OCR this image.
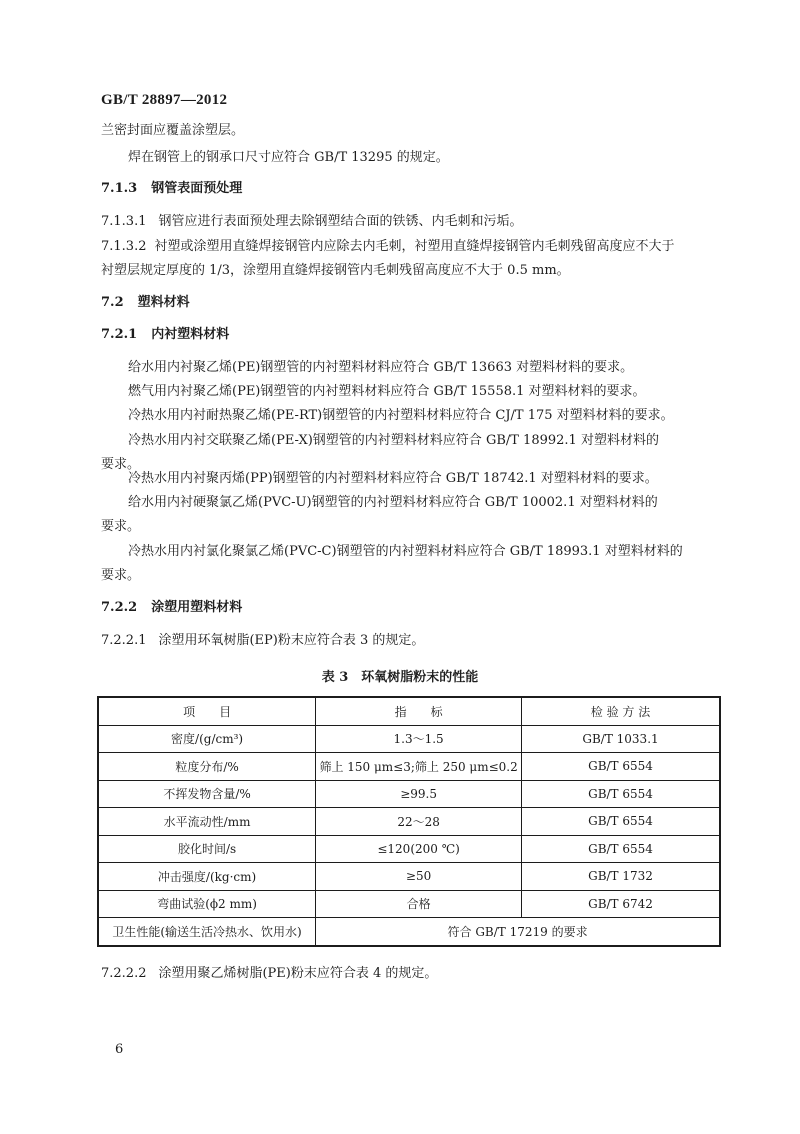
GB/T 28897—2012
兰密封面应覆盖涂塑层。
焊在钢管上的钢承口尺寸应符合 GB/T 13295 的规定。
7.1.3 钢管表面预处理
7.1.3.1 钢管应进行表面预处理去除钢塑结合面的铁锈、内毛刺和污垢。
7.1.3.2 衬塑或涂塑用直缝焊接钢管内应除去内毛刺，衬塑用直缝焊接钢管内毛刺残留高度应不大于
衬塑层规定厚度的 1/3，涂塑用直缝焊接钢管内毛刺残留高度应不大于 0.5 mm。
7.2 塑料材料
7.2.1 内衬塑料材料
给水用内衬聚乙烯(PE)钢塑管的内衬塑料材料应符合 GB/T 13663 对塑料材料的要求。
燃气用内衬聚乙烯(PE)钢塑管的内衬塑料材料应符合 GB/T 15558.1 对塑料材料的要求。
冷热水用内衬耐热聚乙烯(PE-RT)钢塑管的内衬塑料材料应符合 CJ/T 175 对塑料材料的要求。
冷热水用内衬交联聚乙烯(PE-X)钢塑管的内衬塑料材料应符合 GB/T 18992.1 对塑料材料的
要求。
冷热水用内衬聚丙烯(PP)钢塑管的内衬塑料材料应符合 GB/T 18742.1 对塑料材料的要求。
给水用内衬硬聚氯乙烯(PVC-U)钢塑管的内衬塑料材料应符合 GB/T 10002.1 对塑料材料的
要求。
冷热水用内衬氯化聚氯乙烯(PVC-C)钢塑管的内衬塑料材料应符合 GB/T 18993.1 对塑料材料的
要求。
7.2.2 涂塑用塑料材料
7.2.2.1 涂塑用环氧树脂(EP)粉末应符合表 3 的规定。
表 3　环氧树脂粉末的性能
项　　目	指　　标	检 验 方 法
密度/(g/cm³)	1.3～1.5	GB/T 1033.1
粒度分布/%	筛上 150 μm≤3;筛上 250 μm≤0.2	GB/T 6554
不挥发物含量/%	≥99.5	GB/T 6554
水平流动性/mm	22～28	GB/T 6554
胶化时间/s	≤120(200 ℃)	GB/T 6554
冲击强度/(kg·cm)	≥50	GB/T 1732
弯曲试验(ϕ2 mm)	合格	GB/T 6742
卫生性能(输送生活冷热水、饮用水)	符合 GB/T 17219 的要求	
7.2.2.2 涂塑用聚乙烯树脂(PE)粉末应符合表 4 的规定。
6
